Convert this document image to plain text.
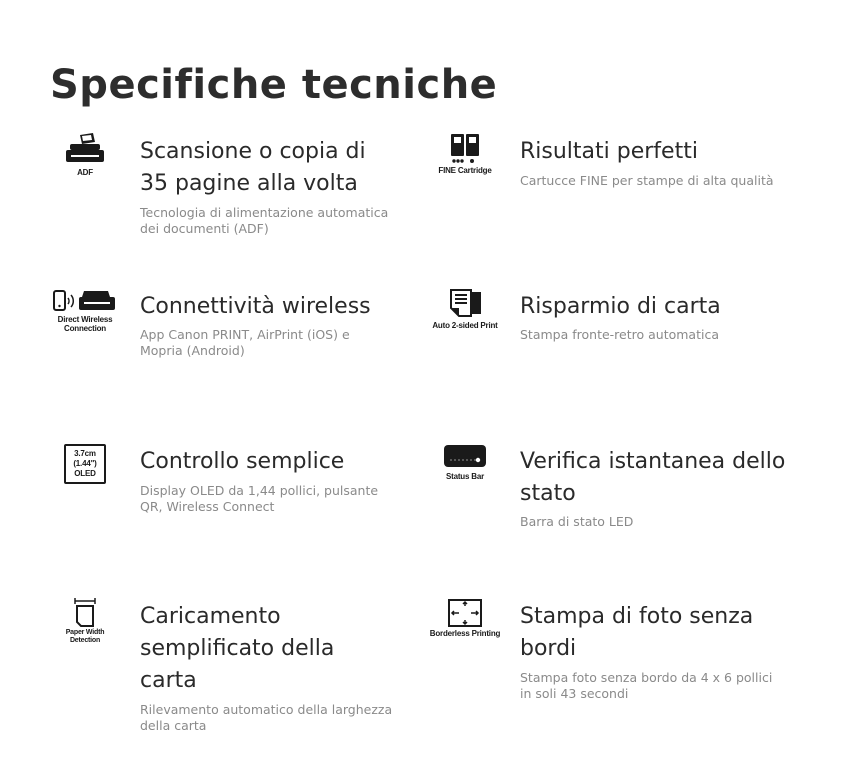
Specifiche tecniche
ADF
Scansione o copia di 35 pagine alla volta
Tecnologia di alimentazione automatica dei documenti (ADF)
FINE Cartridge
Risultati perfetti
Cartucce FINE per stampe di alta qualità
Direct Wireless Connection
Connettività wireless
App Canon PRINT, AirPrint (iOS) e Mopria (Android)
Auto 2-sided Print
Risparmio di carta
Stampa fronte-retro automatica
3.7cm (1.44") OLED Controllo semplice
Display OLED da 1,44 pollici, pulsante QR, Wireless Connect
Status Bar
Verifica istantanea dello stato
Barra di stato LED
Paper Width Detection
Caricamento semplificato della carta
Rilevamento automatico della larghezza della carta
Borderless Printing
Stampa di foto senza bordi
Stampa foto senza bordo da 4 x 6 pollici in soli 43 secondi
